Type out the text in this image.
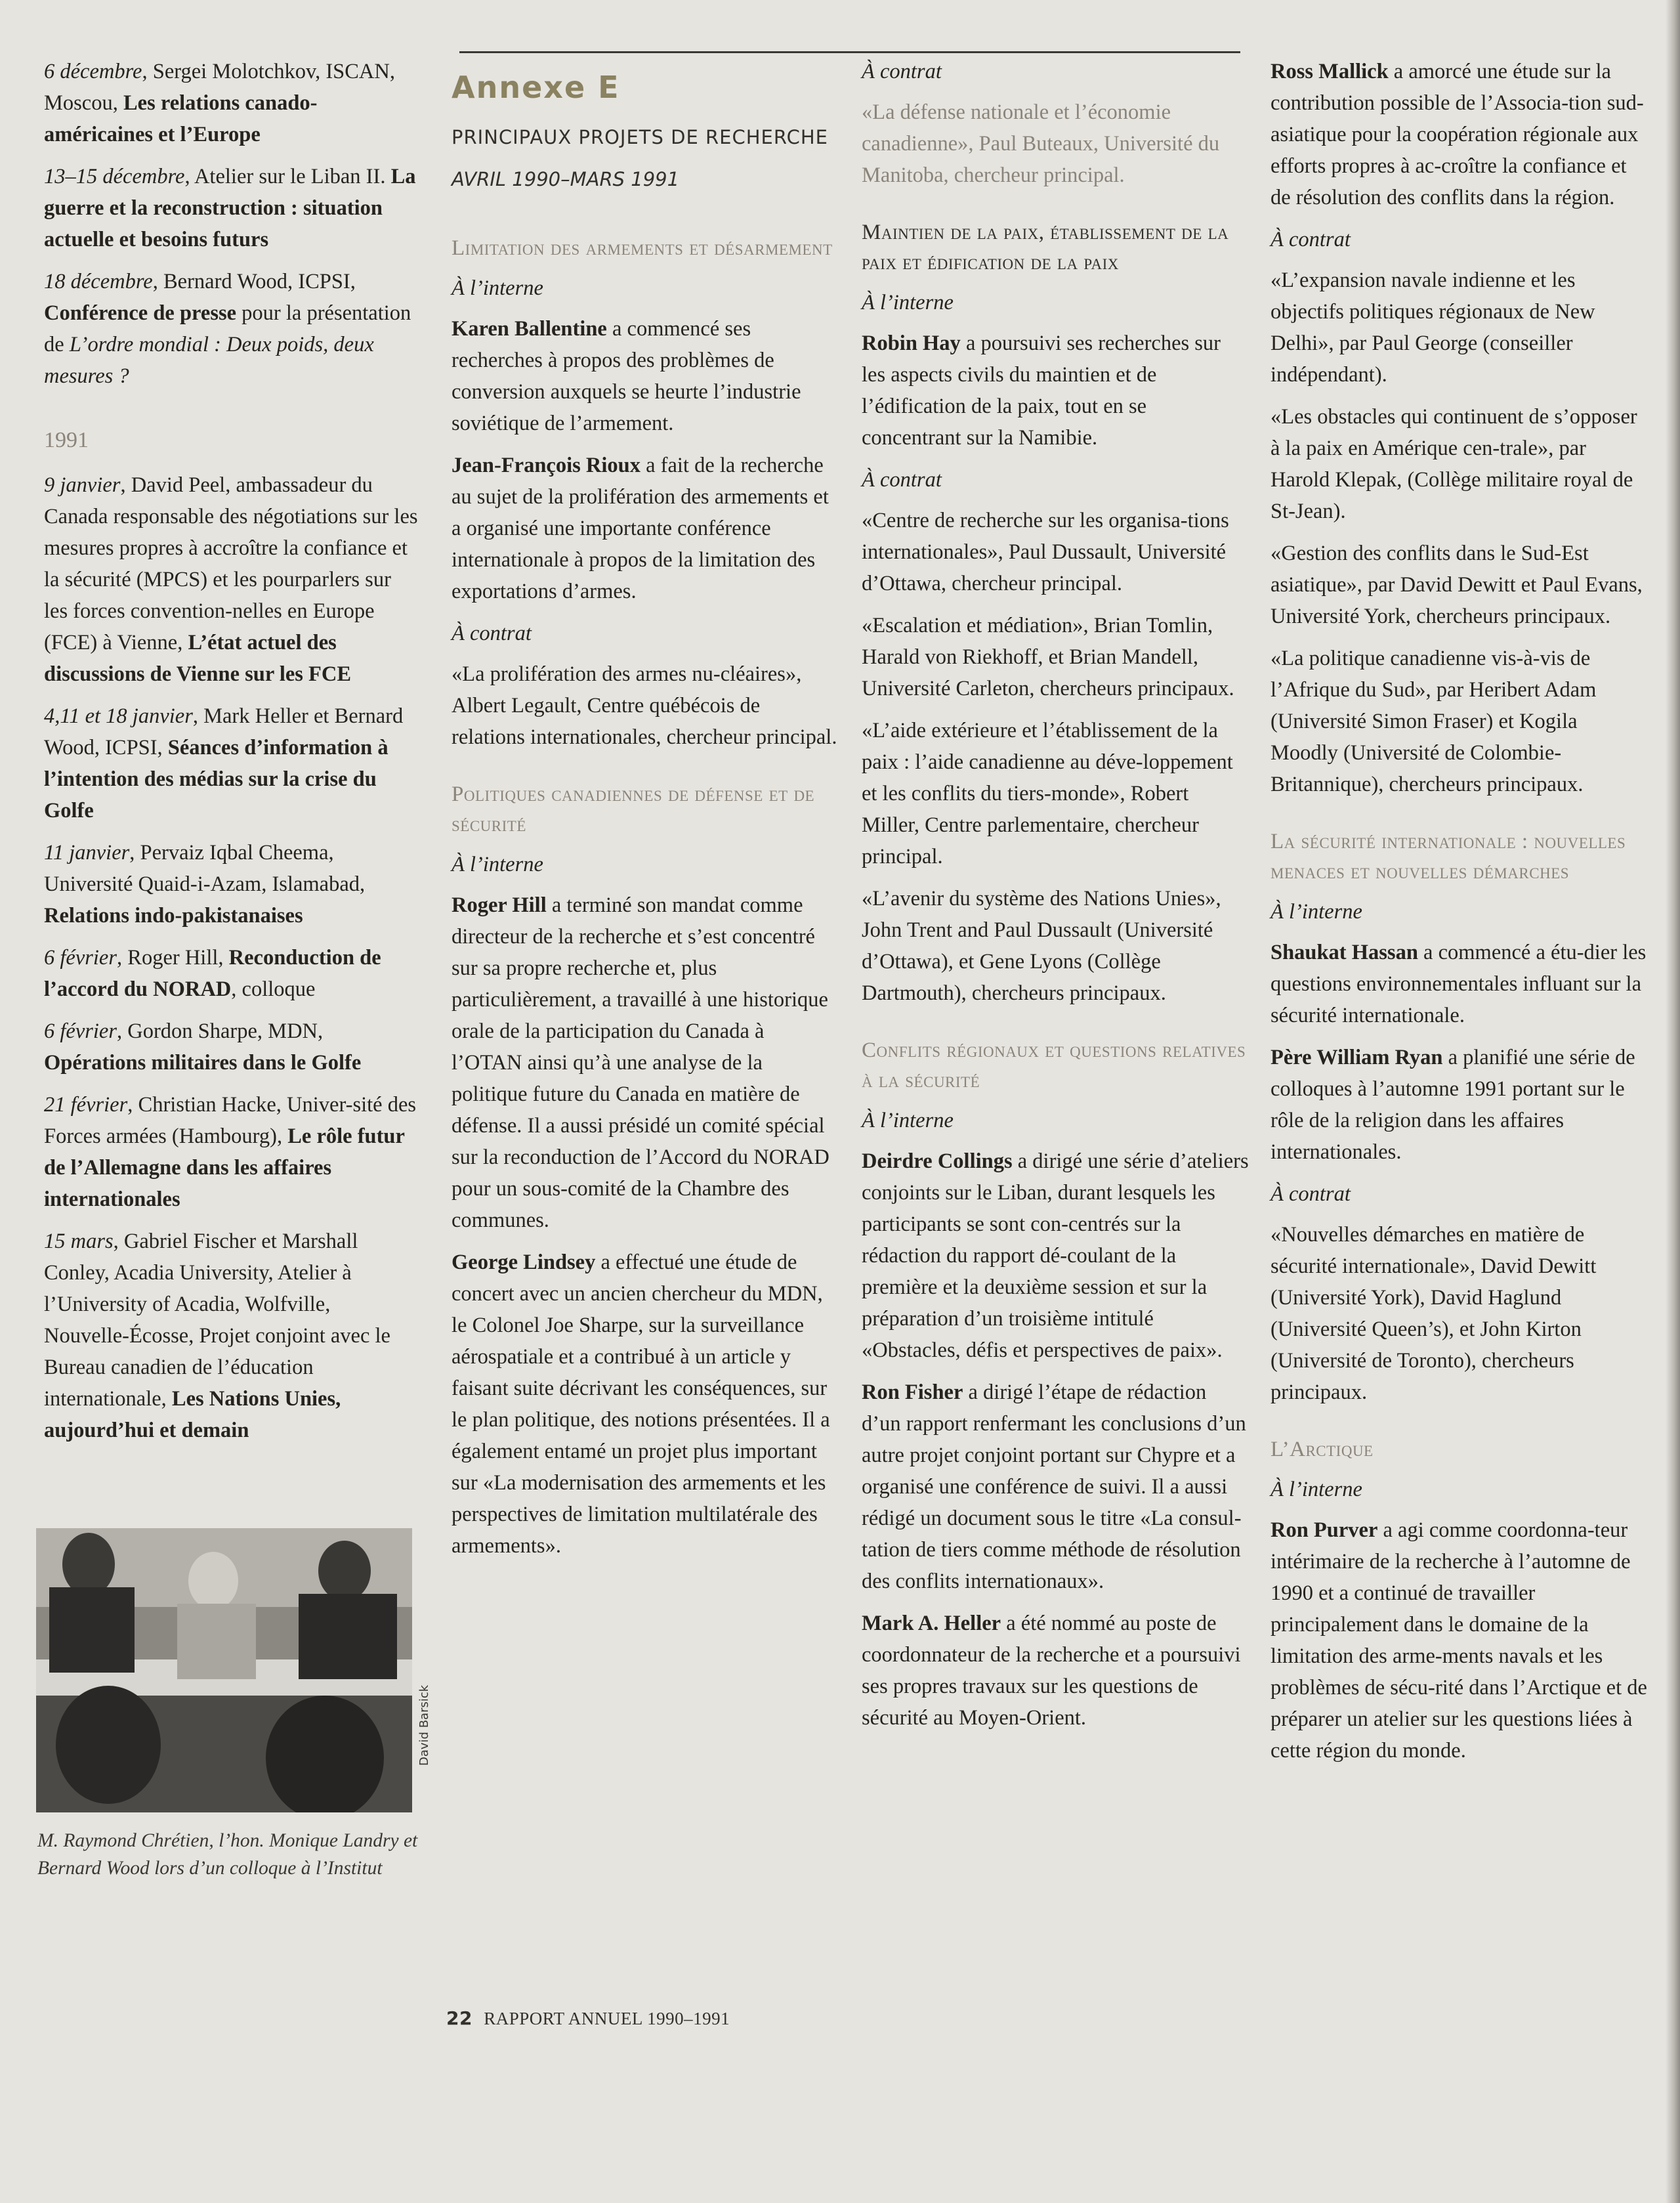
6 décembre, Sergei Molotchkov, ISCAN, Moscou, Les relations canado-américaines et l’Europe

13–15 décembre, Atelier sur le Liban II. La guerre et la reconstruction : situation actuelle et besoins futurs

18 décembre, Bernard Wood, ICPSI, Conférence de presse pour la présentation de L’ordre mondial : Deux poids, deux mesures ?

1991

9 janvier, David Peel, ambassadeur du Canada responsable des négotiations sur les mesures propres à accroître la confiance et la sécurité (MPCS) et les pourparlers sur les forces convention-nelles en Europe (FCE) à Vienne, L’état actuel des discussions de Vienne sur les FCE

4,11 et 18 janvier, Mark Heller et Bernard Wood, ICPSI, Séances d’information à l’intention des médias sur la crise du Golfe

11 janvier, Pervaiz Iqbal Cheema, Université Quaid-i-Azam, Islamabad, Relations indo-pakistanaises

6 février, Roger Hill, Reconduction de l’accord du NORAD, colloque

6 février, Gordon Sharpe, MDN, Opérations militaires dans le Golfe

21 février, Christian Hacke, Univer-sité des Forces armées (Hambourg), Le rôle futur de l’Allemagne dans les affaires internationales

15 mars, Gabriel Fischer et Marshall Conley, Acadia University, Atelier à l’University of Acadia, Wolfville, Nouvelle-Écosse, Projet conjoint avec le Bureau canadien de l’éducation internationale, Les Nations Unies, aujourd’hui et demain

Annexe E
PRINCIPAUX PROJETS DE RECHERCHE
AVRIL 1990–MARS 1991
Limitation des armements et désarmement
À l’interne

Karen Ballentine a commencé ses recherches à propos des problèmes de conversion auxquels se heurte l’industrie soviétique de l’armement.

Jean-François Rioux a fait de la recherche au sujet de la prolifération des armements et a organisé une importante conférence internationale à propos de la limitation des exportations d’armes.

À contrat

«La prolifération des armes nu-cléaires», Albert Legault, Centre québécois de relations internationales, chercheur principal.

Politiques canadiennes de défense et de sécurité
À l’interne

Roger Hill a terminé son mandat comme directeur de la recherche et s’est concentré sur sa propre recherche et, plus particulièrement, a travaillé à une historique orale de la participation du Canada à l’OTAN ainsi qu’à une analyse de la politique future du Canada en matière de défense. Il a aussi présidé un comité spécial sur la reconduction de l’Accord du NORAD pour un sous-comité de la Chambre des communes.

George Lindsey a effectué une étude de concert avec un ancien chercheur du MDN, le Colonel Joe Sharpe, sur la surveillance aérospatiale et a contribué à un article y faisant suite décrivant les conséquences, sur le plan politique, des notions présentées. Il a également entamé un projet plus important sur «La modernisation des armements et les perspectives de limitation multilatérale des armements».

À contrat

«La défense nationale et l’économie canadienne», Paul Buteaux, Université du Manitoba, chercheur principal.

Maintien de la paix, établissement de la paix et édification de la paix
À l’interne

Robin Hay a poursuivi ses recherches sur les aspects civils du maintien et de l’édification de la paix, tout en se concentrant sur la Namibie.

À contrat

«Centre de recherche sur les organisa-tions internationales», Paul Dussault, Université d’Ottawa, chercheur principal.

«Escalation et médiation», Brian Tomlin, Harald von Riekhoff, et Brian Mandell, Université Carleton, chercheurs principaux.

«L’aide extérieure et l’établissement de la paix : l’aide canadienne au déve-loppement et les conflits du tiers-monde», Robert Miller, Centre parlementaire, chercheur principal.

«L’avenir du système des Nations Unies», John Trent and Paul Dussault (Université d’Ottawa), et Gene Lyons (Collège Dartmouth), chercheurs principaux.

Conflits régionaux et questions relatives à la sécurité
À l’interne

Deirdre Collings a dirigé une série d’ateliers conjoints sur le Liban, durant lesquels les participants se sont con-centrés sur la rédaction du rapport dé-coulant de la première et la deuxième session et sur la préparation d’un troisième intitulé «Obstacles, défis et perspectives de paix».

Ron Fisher a dirigé l’étape de rédaction d’un rapport renfermant les conclusions d’un autre projet conjoint portant sur Chypre et a organisé une conférence de suivi. Il a aussi rédigé un document sous le titre «La consul-tation de tiers comme méthode de résolution des conflits internationaux».

Mark A. Heller a été nommé au poste de coordonnateur de la recherche et a poursuivi ses propres travaux sur les questions de sécurité au Moyen-Orient.

Ross Mallick a amorcé une étude sur la contribution possible de l’Associa-tion sud-asiatique pour la coopération régionale aux efforts propres à ac-croître la confiance et de résolution des conflits dans la région.

À contrat

«L’expansion navale indienne et les objectifs politiques régionaux de New Delhi», par Paul George (conseiller indépendant).

«Les obstacles qui continuent de s’opposer à la paix en Amérique cen-trale», par Harold Klepak, (Collège militaire royal de St-Jean).

«Gestion des conflits dans le Sud-Est asiatique», par David Dewitt et Paul Evans, Université York, chercheurs principaux.

«La politique canadienne vis-à-vis de l’Afrique du Sud», par Heribert Adam (Université Simon Fraser) et Kogila Moodly (Université de Colombie-Britannique), chercheurs principaux.

La sécurité internationale : nouvelles menaces et nouvelles démarches
À l’interne

Shaukat Hassan a commencé a étu-dier les questions environnementales influant sur la sécurité internationale.

Père William Ryan a planifié une série de colloques à l’automne 1991 portant sur le rôle de la religion dans les affaires internationales.

À contrat

«Nouvelles démarches en matière de sécurité internationale», David Dewitt (Université York), David Haglund (Université Queen’s), et John Kirton (Université de Toronto), chercheurs principaux.

L’Arctique
À l’interne

Ron Purver a agi comme coordonna-teur intérimaire de la recherche à l’automne de 1990 et a continué de travailler principalement dans le domaine de la limitation des arme-ments navals et les problèmes de sécu-rité dans l’Arctique et de préparer un atelier sur les questions liées à cette région du monde.

David Barsick
M. Raymond Chrétien, l’hon. Monique Landry et Bernard Wood lors d’un colloque à l’Institut
22 RAPPORT ANNUEL 1990–1991
